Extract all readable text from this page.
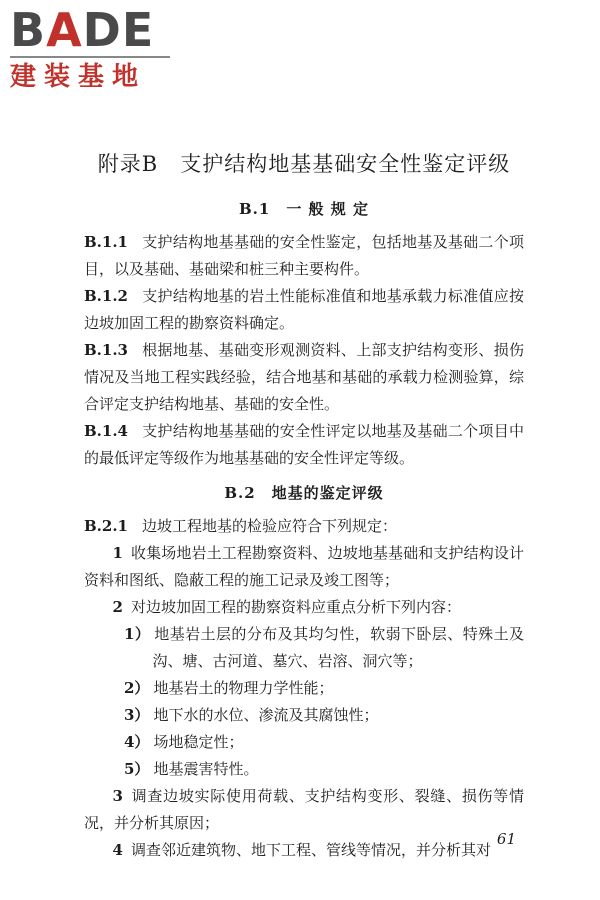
BADE
建装基地
附录B　支护结构地基基础安全性鉴定评级
B.1　一 般 规 定

B.1.1 支护结构地基基础的安全性鉴定，包括地基及基础二个项目，以及基础、基础梁和桩三种主要构件。

B.1.2 支护结构地基的岩土性能标准值和地基承载力标准值应按边坡加固工程的勘察资料确定。

B.1.3 根据地基、基础变形观测资料、上部支护结构变形、损伤情况及当地工程实践经验，结合地基和基础的承载力检测验算，综合评定支护结构地基、基础的安全性。

B.1.4 支护结构地基基础的安全性评定以地基及基础二个项目中的最低评定等级作为地基基础的安全性评定等级。

B.2　地基的鉴定评级

B.2.1 边坡工程地基的检验应符合下列规定：

1 收集场地岩土工程勘察资料、边坡地基基础和支护结构设计资料和图纸、隐蔽工程的施工记录及竣工图等；

2 对边坡加固工程的勘察资料应重点分析下列内容：

1） 地基岩土层的分布及其均匀性，软弱下卧层、特殊土及沟、塘、古河道、墓穴、岩溶、洞穴等；

2） 地基岩土的物理力学性能；

3） 地下水的水位、渗流及其腐蚀性；

4） 场地稳定性；

5） 地基震害特性。

3 调查边坡实际使用荷载、支护结构变形、裂缝、损伤等情况，并分析其原因；

4 调查邻近建筑物、地下工程、管线等情况，并分析其对

61
